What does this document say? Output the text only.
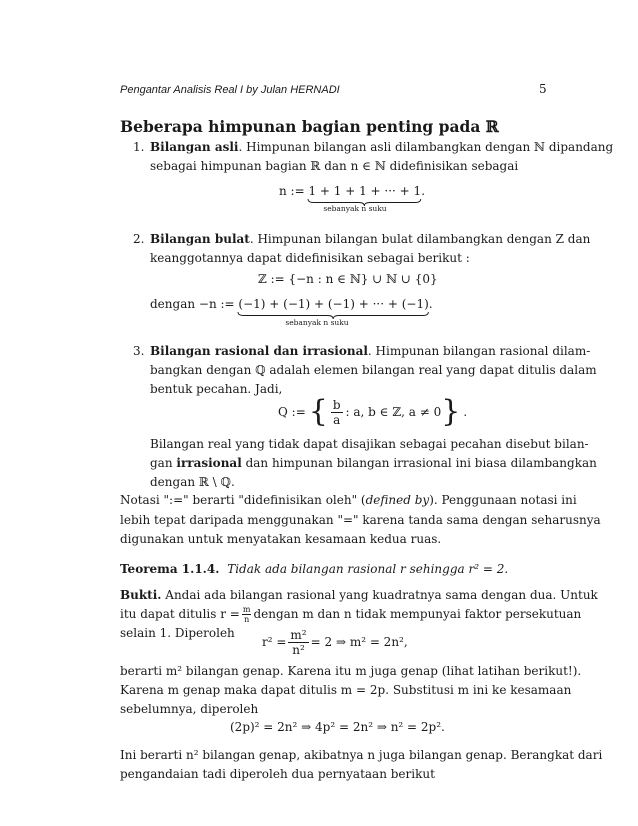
Pengantar Analisis Real I by Julan HERNADI	5
Beberapa himpunan bagian penting pada ℝ
1. Bilangan asli. Himpunan bilangan asli dilambangkan dengan ℕ dipandang
sebagai himpunan bagian ℝ dan n ∈ ℕ didefinisikan sebagai
n := 1 + 1 + 1 + ··· + 1
.
sebanyak n suku
2. Bilangan bulat. Himpunan bilangan bulat dilambangkan dengan Z dan
keanggotannya dapat didefinisikan sebagai berikut :
ℤ := {−n : n ∈ ℕ} ∪ ℕ ∪ {0}
dengan −n := (−1) + (−1) + (−1) + ··· + (−1)
.
sebanyak n suku
3. Bilangan rasional dan irrasional. Himpunan bilangan rasional dilam-
bangkan dengan ℚ adalah elemen bilangan real yang dapat ditulis dalam
bentuk pecahan. Jadi,
Q := { $\frac{b}{a}$ : a, b ∈ ℤ, a ≠ 0 } .
Bilangan real yang tidak dapat disajikan sebagai pecahan disebut bilan-
gan irrasional dan himpunan bilangan irrasional ini biasa dilambangkan
dengan ℝ \ ℚ.
Notasi ":=" berarti "didefinisikan oleh" (defined by). Penggunaan notasi ini
lebih tepat daripada menggunakan "=" karena tanda sama dengan seharusnya
digunakan untuk menyatakan kesamaan kedua ruas.
Teorema 1.1.4. Tidak ada bilangan rasional r sehingga r² = 2.
Bukti. Andai ada bilangan rasional yang kuadratnya sama dengan dua. Untuk
itu dapat ditulis $r = \frac{m}{n}$ dengan m dan n tidak mempunyai faktor persekutuan
selain 1. Diperoleh
$r^2 = \frac{\text{m²}}{\text{n²}} = 2$ ⇒ m² = 2n²,
berarti m² bilangan genap. Karena itu m juga genap (lihat latihan berikut!).
Karena m genap maka dapat ditulis m = 2p. Substitusi m ini ke kesamaan
sebelumnya, diperoleh
(2p)² = 2n² ⇒ 4p² = 2n² ⇒ n² = 2p².
Ini berarti n² bilangan genap, akibatnya n juga bilangan genap. Berangkat dari
pengandaian tadi diperoleh dua pernyataan berikut
